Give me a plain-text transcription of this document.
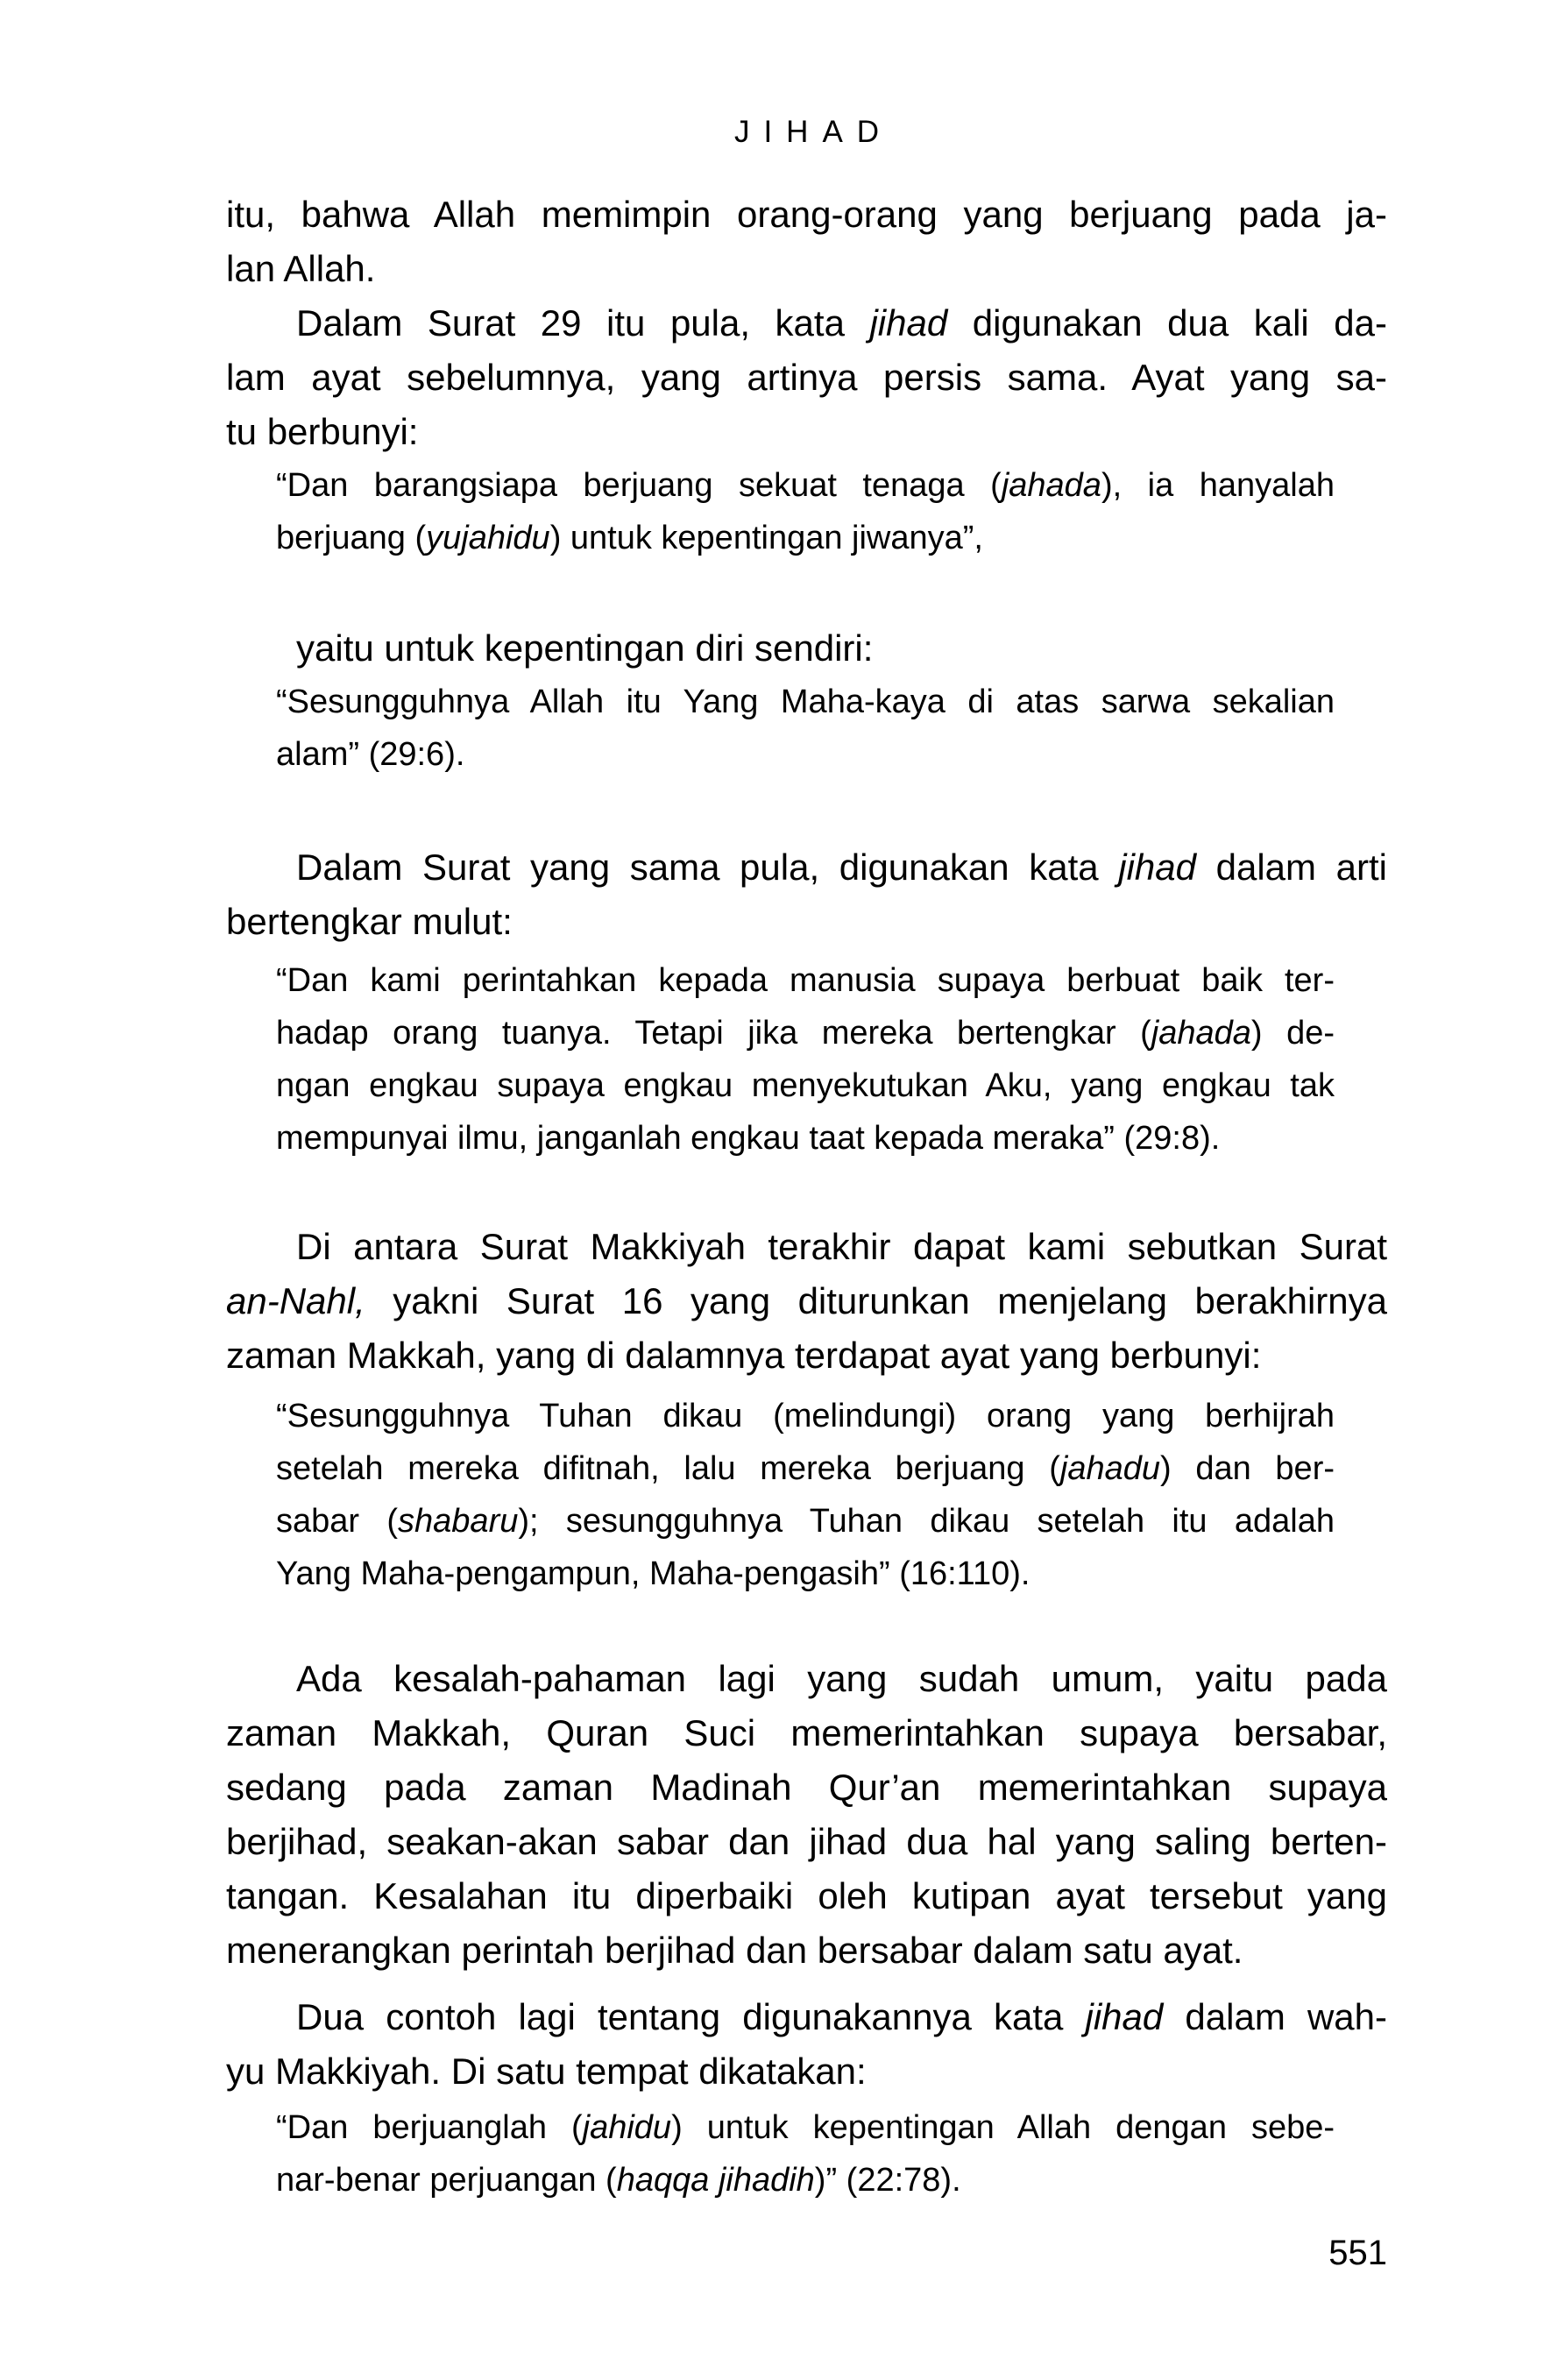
JIHAD
itu, bahwa Allah memimpin orang-orang yang berjuang pada ja-
lan Allah.
Dalam Surat 29 itu pula, kata jihad digunakan dua kali da-
lam ayat sebelumnya, yang artinya persis sama. Ayat yang sa-
tu berbunyi:
“Dan barangsiapa berjuang sekuat tenaga (jahada), ia hanyalah
berjuang (yujahidu) untuk kepentingan jiwanya”,
yaitu untuk kepentingan diri sendiri:
“Sesungguhnya Allah itu Yang Maha-kaya di atas sarwa sekalian
alam” (29:6).
Dalam Surat yang sama pula, digunakan kata jihad dalam arti
bertengkar mulut:
“Dan kami perintahkan kepada manusia supaya berbuat baik ter-
hadap orang tuanya. Tetapi jika mereka bertengkar (jahada) de-
ngan engkau supaya engkau menyekutukan Aku, yang engkau tak
mempunyai ilmu, janganlah engkau taat kepada meraka” (29:8).
Di antara Surat Makkiyah terakhir dapat kami sebutkan Surat
an-Nahl, yakni Surat 16 yang diturunkan menjelang berakhirnya
zaman Makkah, yang di dalamnya terdapat ayat yang berbunyi:
“Sesungguhnya Tuhan dikau (melindungi) orang yang berhijrah
setelah mereka difitnah, lalu mereka berjuang (jahadu) dan ber-
sabar (shabaru); sesungguhnya Tuhan dikau setelah itu adalah
Yang Maha-pengampun, Maha-pengasih” (16:110).
Ada kesalah-pahaman lagi yang sudah umum, yaitu pada
zaman Makkah, Quran Suci memerintahkan supaya bersabar,
sedang pada zaman Madinah Qur’an memerintahkan supaya
berjihad, seakan-akan sabar dan jihad dua hal yang saling berten-
tangan. Kesalahan itu diperbaiki oleh kutipan ayat tersebut yang
menerangkan perintah berjihad dan bersabar dalam satu ayat.
Dua contoh lagi tentang digunakannya kata jihad dalam wah-
yu Makkiyah. Di satu tempat dikatakan:
“Dan berjuanglah (jahidu) untuk kepentingan Allah dengan sebe-
nar-benar perjuangan (haqqa jihadih)” (22:78).
551
